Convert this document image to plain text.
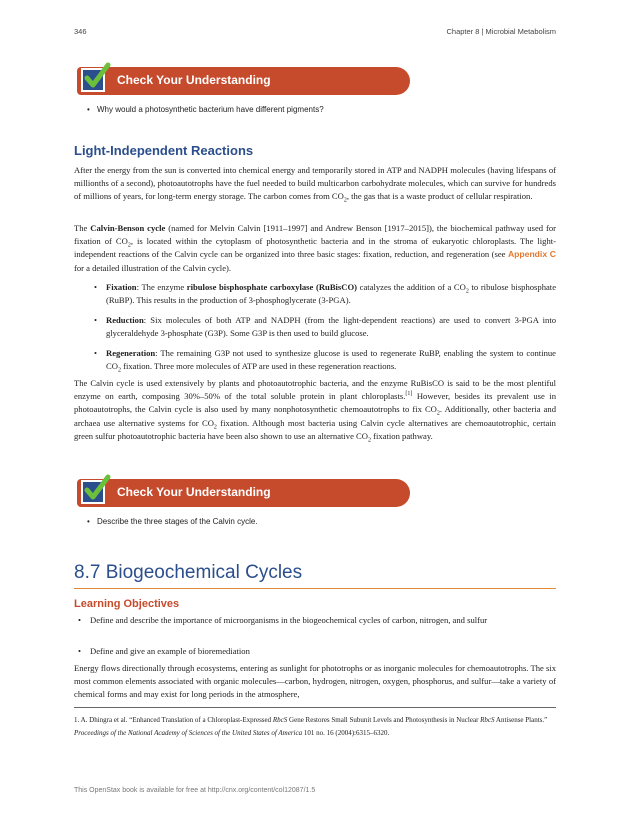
346	Chapter 8 | Microbial Metabolism
Check Your Understanding
• Why would a photosynthetic bacterium have different pigments?
Light-Independent Reactions
After the energy from the sun is converted into chemical energy and temporarily stored in ATP and NADPH molecules (having lifespans of millionths of a second), photoautotrophs have the fuel needed to build multicarbon carbohydrate molecules, which can survive for hundreds of millions of years, for long-term energy storage. The carbon comes from $CO_2$, the gas that is a waste product of cellular respiration.
The Calvin-Benson cycle (named for Melvin Calvin [1911–1997] and Andrew Benson [1917–2015]), the biochemical pathway used for fixation of $CO_2$, is located within the cytoplasm of photosynthetic bacteria and in the stroma of eukaryotic chloroplasts. The light-independent reactions of the Calvin cycle can be organized into three basic stages: fixation, reduction, and regeneration (see Appendix C for a detailed illustration of the Calvin cycle).
• Fixation: The enzyme ribulose bisphosphate carboxylase (RuBisCO) catalyzes the addition of a $CO_2$ to ribulose bisphosphate (RuBP). This results in the production of 3-phosphoglycerate (3-PGA).
• Reduction: Six molecules of both ATP and NADPH (from the light-dependent reactions) are used to convert 3-PGA into glyceraldehyde 3-phosphate (G3P). Some G3P is then used to build glucose.
• Regeneration: The remaining G3P not used to synthesize glucose is used to regenerate RuBP, enabling the system to continue $CO_2$ fixation. Three more molecules of ATP are used in these regeneration reactions.
The Calvin cycle is used extensively by plants and photoautotrophic bacteria, and the enzyme RuBisCO is said to be the most plentiful enzyme on earth, composing 30%–50% of the total soluble protein in plant chloroplasts.[1] However, besides its prevalent use in photoautotrophs, the Calvin cycle is also used by many nonphotosynthetic chemoautotrophs to fix $CO_2$. Additionally, other bacteria and archaea use alternative systems for $CO_2$ fixation. Although most bacteria using Calvin cycle alternatives are chemoautotrophic, certain green sulfur photoautotrophic bacteria have been also shown to use an alternative $CO_2$ fixation pathway.
Check Your Understanding
• Describe the three stages of the Calvin cycle.
8.7 Biogeochemical Cycles
Learning Objectives
• Define and describe the importance of microorganisms in the biogeochemical cycles of carbon, nitrogen, and sulfur
• Define and give an example of bioremediation
Energy flows directionally through ecosystems, entering as sunlight for phototrophs or as inorganic molecules for chemoautotrophs. The six most common elements associated with organic molecules—carbon, hydrogen, nitrogen, oxygen, phosphorus, and sulfur—take a variety of chemical forms and may exist for long periods in the atmosphere,
1. A. Dhingra et al. “Enhanced Translation of a Chloroplast-Expressed RbcS Gene Restores Small Subunit Levels and Photosynthesis in Nuclear RbcS Antisense Plants.” Proceedings of the National Academy of Sciences of the United States of America 101 no. 16 (2004):6315–6320.
This OpenStax book is available for free at http://cnx.org/content/col12087/1.5
